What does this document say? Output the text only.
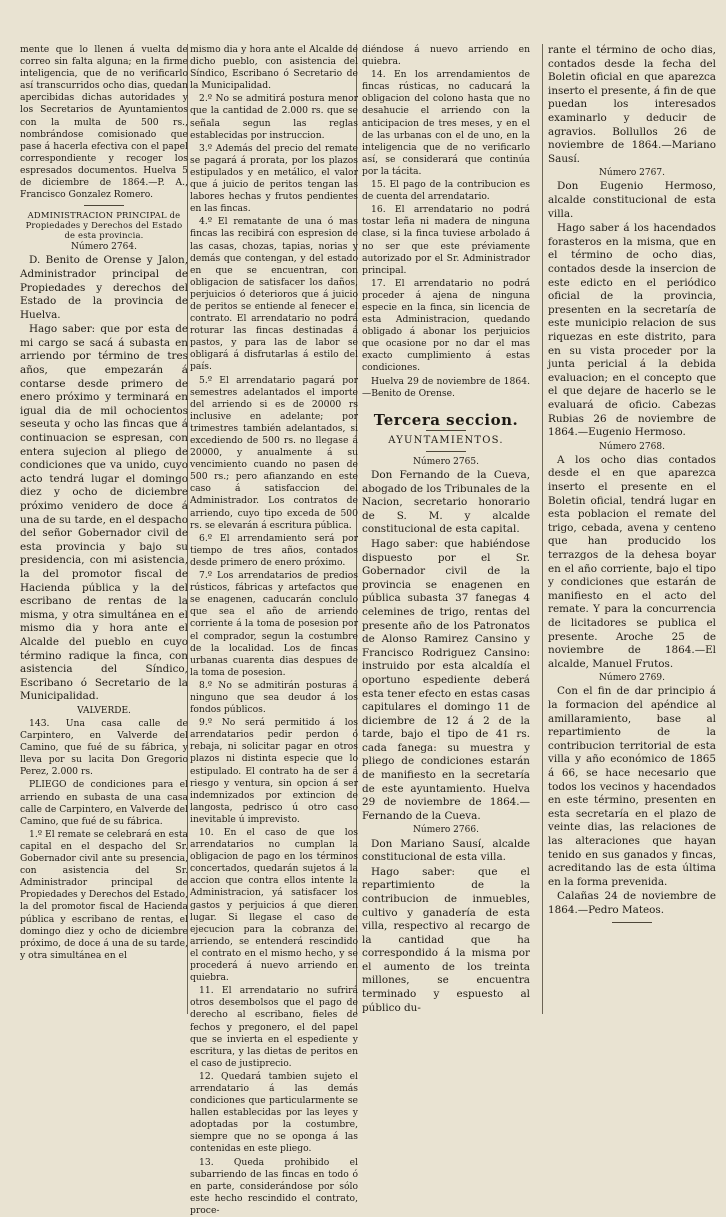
mente que lo llenen á vuelta de correo sin falta alguna; en la firme inteligencia, que de no verificarlo así transcurridos ocho dias, quedan apercibidas dichas autoridades y los Secretarios de Ayuntamientos con la multa de 500 rs., nombrándose comisionado que pase á hacerla efectiva con el papel correspondiente y recoger los espresados documentos. Huelva 5 de diciembre de 1864.—P. A., Francisco Gonzalez Romero.

ADMINISTRACION PRINCIPAL de Propiedades y Derechos del Estado de esta provincia.

Número 2764.

D. Benito de Orense y Jalon, Administrador principal de Propiedades y derechos del Estado de la provincia de Huelva.

Hago saber: que por esta de mi cargo se sacá á subasta en arriendo por término de tres años, que empezarán á contarse desde primero de enero próximo y terminará en igual dia de mil ochocientos seseuta y ocho las fincas que á continuacion se espresan, con entera sujecion al pliego de condiciones que va unido, cuyo acto tendrá lugar el domingo diez y ocho de diciembre próximo venidero de doce á una de su tarde, en el despacho del señor Gobernador civil de esta provincia y bajo su presidencia, con mi asistencia, la del promotor fiscal de Hacienda pública y la del escribano de rentas de la misma, y otra simultánea en el mismo dia y hora ante el Alcalde del pueblo en cuyo término radique la finca, con asistencia del Síndico, Escribano ó Secretario de la Municipalidad.

VALVERDE.

143. Una casa calle de Carpintero, en Valverde del Camino, que fué de su fábrica, y lleva por su lacita Don Gregorio Perez, 2.000 rs.

PLIEGO de condiciones para el arriendo en subasta de una casa calle de Carpintero, en Valverde del Camino, que fué de su fábrica.

1.º El remate se celebrará en esta capital en el despacho del Sr. Gobernador civil ante su presencia, con asistencia del Sr. Administrador principal de Propiedades y Derechos del Estado, la del promotor fiscal de Hacienda pública y escribano de rentas, el domingo diez y ocho de diciembre próximo, de doce á una de su tarde, y otra simultánea en el

mismo dia y hora ante el Alcalde de dicho pueblo, con asistencia del Síndico, Escribano ó Secretario de la Municipalidad.

2.º No se admitirá postura menor que la cantidad de 2.000 rs. que se señala segun las reglas establecidas por instruccion.

3.º Además del precio del remate se pagará á prorata, por los plazos estipulados y en metálico, el valor que á juicio de peritos tengan las labores hechas y frutos pendientes en las fincas.

4.º El rematante de una ó mas fincas las recibirá con espresion de las casas, chozas, tapias, norias y demás que contengan, y del estado en que se encuentran, con obligacion de satisfacer los daños, perjuicios ó deterioros que á juicio de peritos se entiende al fenecer el contrato. El arrendatario no podrá roturar las fincas destinadas á pastos, y para las de labor se obligará á disfrutarlas á estilo del país.

5.º El arrendatario pagará por semestres adelantados el importe del arriendo si es de 20000 rs inclusive en adelante; por trimestres también adelantados, si excediendo de 500 rs. no llegase á 20000, y anualmente á su vencimiento cuando no pasen de 500 rs.; pero afianzando en este caso á satisfaccion del Administrador. Los contratos de arriendo, cuyo tipo exceda de 500 rs. se elevarán á escritura pública.

6.º El arrendamiento será por tiempo de tres años, contados desde primero de enero próximo.

7.º Los arrendatarios de predios rústicos, fábricas y artefactos que se enagenen, caducarán conclulo que sea el año de arriendo corriente á la toma de posesion por el comprador, segun la costumbre de la localidad. Los de fincas urbanas cuarenta dias despues de la toma de posesion.

8.º No se admitirán posturas á ninguno que sea deudor á los fondos públicos.

9.º No será permitido á los arrendatarios pedir perdon ó rebaja, ni solicitar pagar en otros plazos ni distinta especie que lo estipulado. El contrato ha de ser á riesgo y ventura, sin opcion á ser indemnizados por extincion de langosta, pedrisco ú otro caso inevitable ú imprevisto.

10. En el caso de que los arrendatarios no cumplan la obligacion de pago en los términos concertados, quedarán sujetos á la accion que contra ellos intente la Administracion, yá satisfacer los gastos y perjuicios á que dieren lugar. Si llegase el caso de ejecucion para la cobranza del arriendo, se entenderá rescindido el contrato en el mismo hecho, y se procederá á nuevo arriendo en quiebra.

11. El arrendatario no sufrirá otros desembolsos que el pago de derecho al escribano, fieles de fechos y pregonero, el del papel que se invierta en el espediente y escritura, y las dietas de peritos en el caso de justiprecio.

12. Quedará tambien sujeto el arrendatario á las demás condiciones que particularmente se hallen establecidas por las leyes y adoptadas por la costumbre, siempre que no se oponga á las contenidas en este pliego.

13. Queda prohibido el subarriendo de las fincas en todo ó en parte, considerándose por sólo este hecho rescindido el contrato, proce-

diéndose á nuevo arriendo en quiebra.

14. En los arrendamientos de fincas rústicas, no caducará la obligacion del colono hasta que no desahucie el arriendo con la anticipacion de tres meses, y en el de las urbanas con el de uno, en la inteligencia que de no verificarlo así, se considerará que continúa por la tácita.

15. El pago de la contribucion es de cuenta del arrendatario.

16. El arrendatario no podrá tostar leña ni madera de ninguna clase, si la finca tuviese arbolado á no ser que este préviamente autorizado por el Sr. Administrador principal.

17. El arrendatario no podrá proceder á ajena de ninguna especie en la finca, sin licencia de esta Administracion, quedando obligado á abonar los perjuicios que ocasione por no dar el mas exacto cumplimiento á estas condiciones.

Huelva 29 de noviembre de 1864.—Benito de Orense.

Tercera seccion.
AYUNTAMIENTOS.

Número 2765.

Don Fernando de la Cueva, abogado de los Tribunales de la Nacion, secretario honorario de S. M. y alcalde constitucional de esta capital.

Hago saber: que habiéndose dispuesto por el Sr. Gobernador civil de la provincia se enagenen en pública subasta 37 fanegas 4 celemines de trigo, rentas del presente año de los Patronatos de Alonso Ramirez Cansino y Francisco Rodriguez Cansino: instruido por esta alcaldía el oportuno espediente deberá esta tener efecto en estas casas capitulares el domingo 11 de diciembre de 12 á 2 de la tarde, bajo el tipo de 41 rs. cada fanega: su muestra y pliego de condiciones estarán de manifiesto en la secretaría de este ayuntamiento. Huelva 29 de noviembre de 1864.—Fernando de la Cueva.

Número 2766.

Don Mariano Sausí, alcalde constitucional de esta villa.

Hago saber: que el repartimiento de la contribucion de inmuebles, cultivo y ganadería de esta villa, respectivo al recargo de la cantidad que ha correspondido á la misma por el aumento de los treinta millones, se encuentra terminado y espuesto al público du-

rante el término de ocho dias, contados desde la fecha del Boletin oficial en que aparezca inserto el presente, á fin de que puedan los interesados examinarlo y deducir de agravios. Bollullos 26 de noviembre de 1864.—Mariano Sausí.

Número 2767.

Don Eugenio Hermoso, alcalde constitucional de esta villa.

Hago saber á los hacendados forasteros en la misma, que en el término de ocho dias, contados desde la insercion de este edicto en el periódico oficial de la provincia, presenten en la secretaría de este municipio relacion de sus riquezas en este distrito, para en su vista proceder por la junta pericial á la debida evaluacion; en el concepto que el que dejare de hacerlo se le evaluará de oficio. Cabezas Rubias 26 de noviembre de 1864.—Eugenio Hermoso.

Número 2768.

A los ocho dias contados desde el en que aparezca inserto el presente en el Boletin oficial, tendrá lugar en esta poblacion el remate del trigo, cebada, avena y centeno que han producido los terrazgos de la dehesa boyar en el año corriente, bajo el tipo y condiciones que estarán de manifiesto en el acto del remate. Y para la concurrencia de licitadores se publica el presente. Aroche 25 de noviembre de 1864.—El alcalde, Manuel Frutos.

Número 2769.

Con el fin de dar principio á la formacion del apéndice al amillaramiento, base al repartimiento de la contribucion territorial de esta villa y año económico de 1865 á 66, se hace necesario que todos los vecinos y hacendados en este término, presenten en esta secretaría en el plazo de veinte dias, las relaciones de las alteraciones que hayan tenido en sus ganados y fincas, acreditando las de esta última en la forma prevenida.

Calañas 24 de noviembre de 1864.—Pedro Mateos.
